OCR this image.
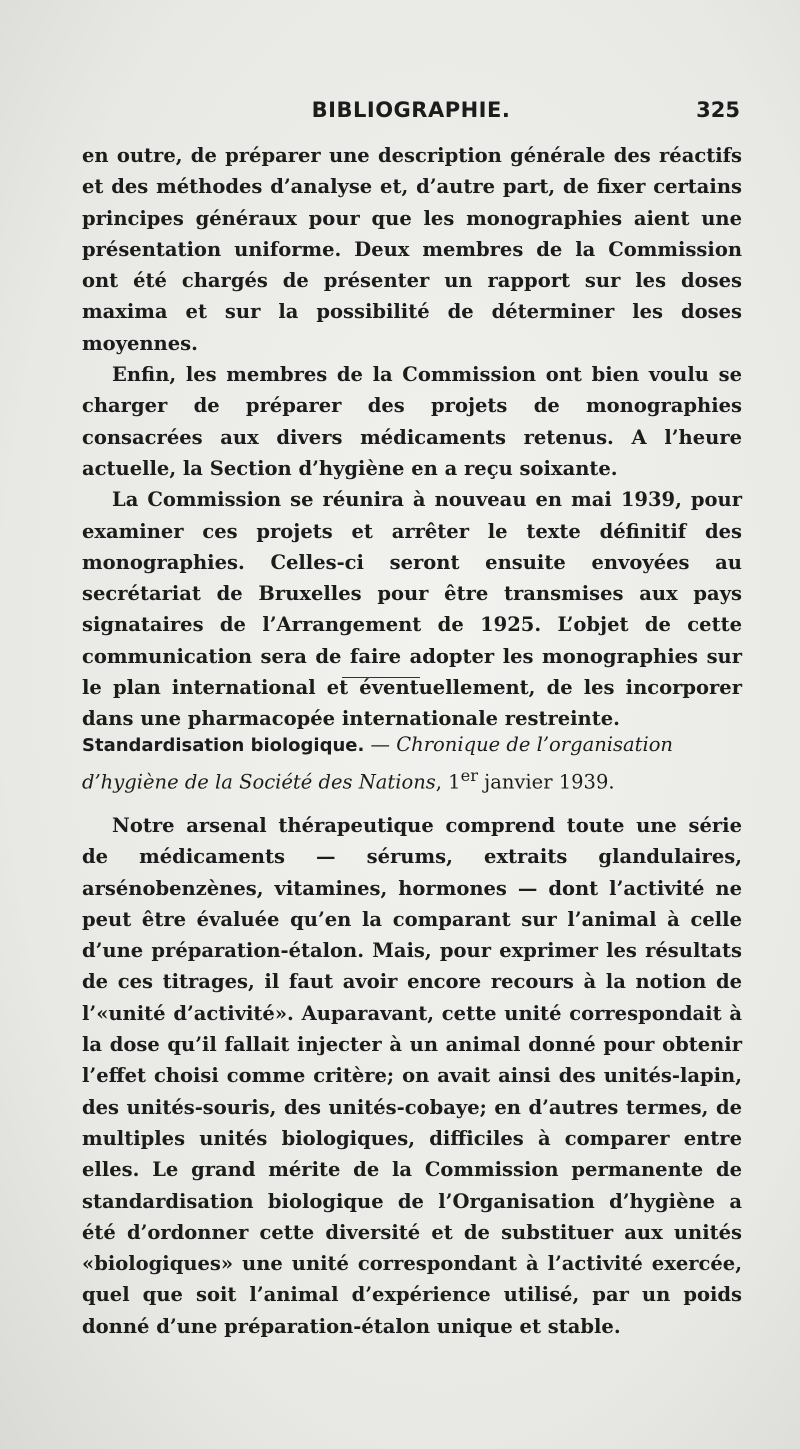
BIBLIOGRAPHIE.	325

en outre, de préparer une description générale des réactifs et des méthodes d’analyse et, d’autre part, de fixer certains principes généraux pour que les monographies aient une présentation uniforme. Deux membres de la Commission ont été chargés de présenter un rapport sur les doses maxima et sur la possibilité de déterminer les doses moyennes.

Enfin, les membres de la Commission ont bien voulu se charger de préparer des projets de monographies consacrées aux divers médicaments retenus. A l’heure actuelle, la Section d’hygiène en a reçu soixante.

La Commission se réunira à nouveau en mai 1939, pour examiner ces projets et arrêter le texte définitif des monographies. Celles-ci seront ensuite envoyées au secrétariat de Bruxelles pour être transmises aux pays signataires de l’Arrangement de 1925. L’objet de cette communication sera de faire adopter les monographies sur le plan international et éventuellement, de les incorporer dans une pharmacopée internationale restreinte.

Standardisation biologique. — Chronique de l’organisation d’hygiène de la Société des Nations, 1er janvier 1939.

Notre arsenal thérapeutique comprend toute une série de médicaments — sérums, extraits glandulaires, arsénobenzènes, vitamines, hormones — dont l’activité ne peut être évaluée qu’en la comparant sur l’animal à celle d’une préparation-étalon. Mais, pour exprimer les résultats de ces titrages, il faut avoir encore recours à la notion de l’«unité d’activité». Auparavant, cette unité correspondait à la dose qu’il fallait injecter à un animal donné pour obtenir l’effet choisi comme critère; on avait ainsi des unités-lapin, des unités-souris, des unités-cobaye; en d’autres termes, de multiples unités biologiques, difficiles à comparer entre elles. Le grand mérite de la Commission permanente de standardisation biologique de l’Organisation d’hygiène a été d’ordonner cette diversité et de substituer aux unités «biologiques» une unité correspondant à l’activité exercée, quel que soit l’animal d’expérience utilisé, par un poids donné d’une préparation-étalon unique et stable.
